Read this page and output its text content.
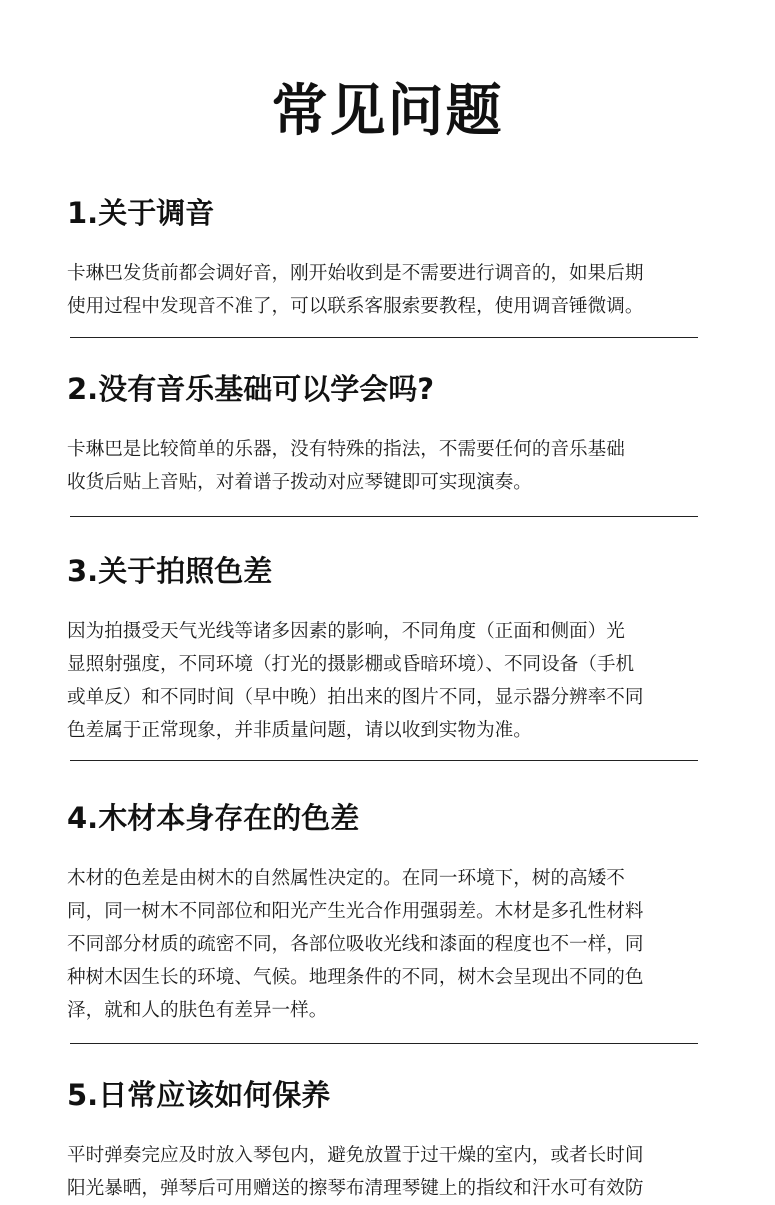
常见问题
1.关于调音
卡琳巴发货前都会调好音，刚开始收到是不需要进行调音的，如果后期
使用过程中发现音不准了，可以联系客服索要教程，使用调音锤微调。
2.没有音乐基础可以学会吗?
卡琳巴是比较简单的乐器，没有特殊的指法，不需要任何的音乐基础
收货后贴上音贴，对着谱子拨动对应琴键即可实现演奏。
3.关于拍照色差
因为拍摄受天气光线等诸多因素的影响，不同角度（正面和侧面）光
显照射强度，不同环境（打光的摄影棚或昏暗环境）、不同设备（手机
或单反）和不同时间（早中晚）拍出来的图片不同，显示器分辨率不同
色差属于正常现象，并非质量问题，请以收到实物为准。
4.木材本身存在的色差
木材的色差是由树木的自然属性决定的。在同一环境下，树的高矮不
同，同一树木不同部位和阳光产生光合作用强弱差。木材是多孔性材料
不同部分材质的疏密不同，各部位吸收光线和漆面的程度也不一样，同
种树木因生长的环境、气候。地理条件的不同，树木会呈现出不同的色
泽，就和人的肤色有差异一样。
5.日常应该如何保养
平时弹奏完应及时放入琴包内，避免放置于过干燥的室内，或者长时间
阳光暴晒，弹琴后可用赠送的擦琴布清理琴键上的指纹和汗水可有效防
